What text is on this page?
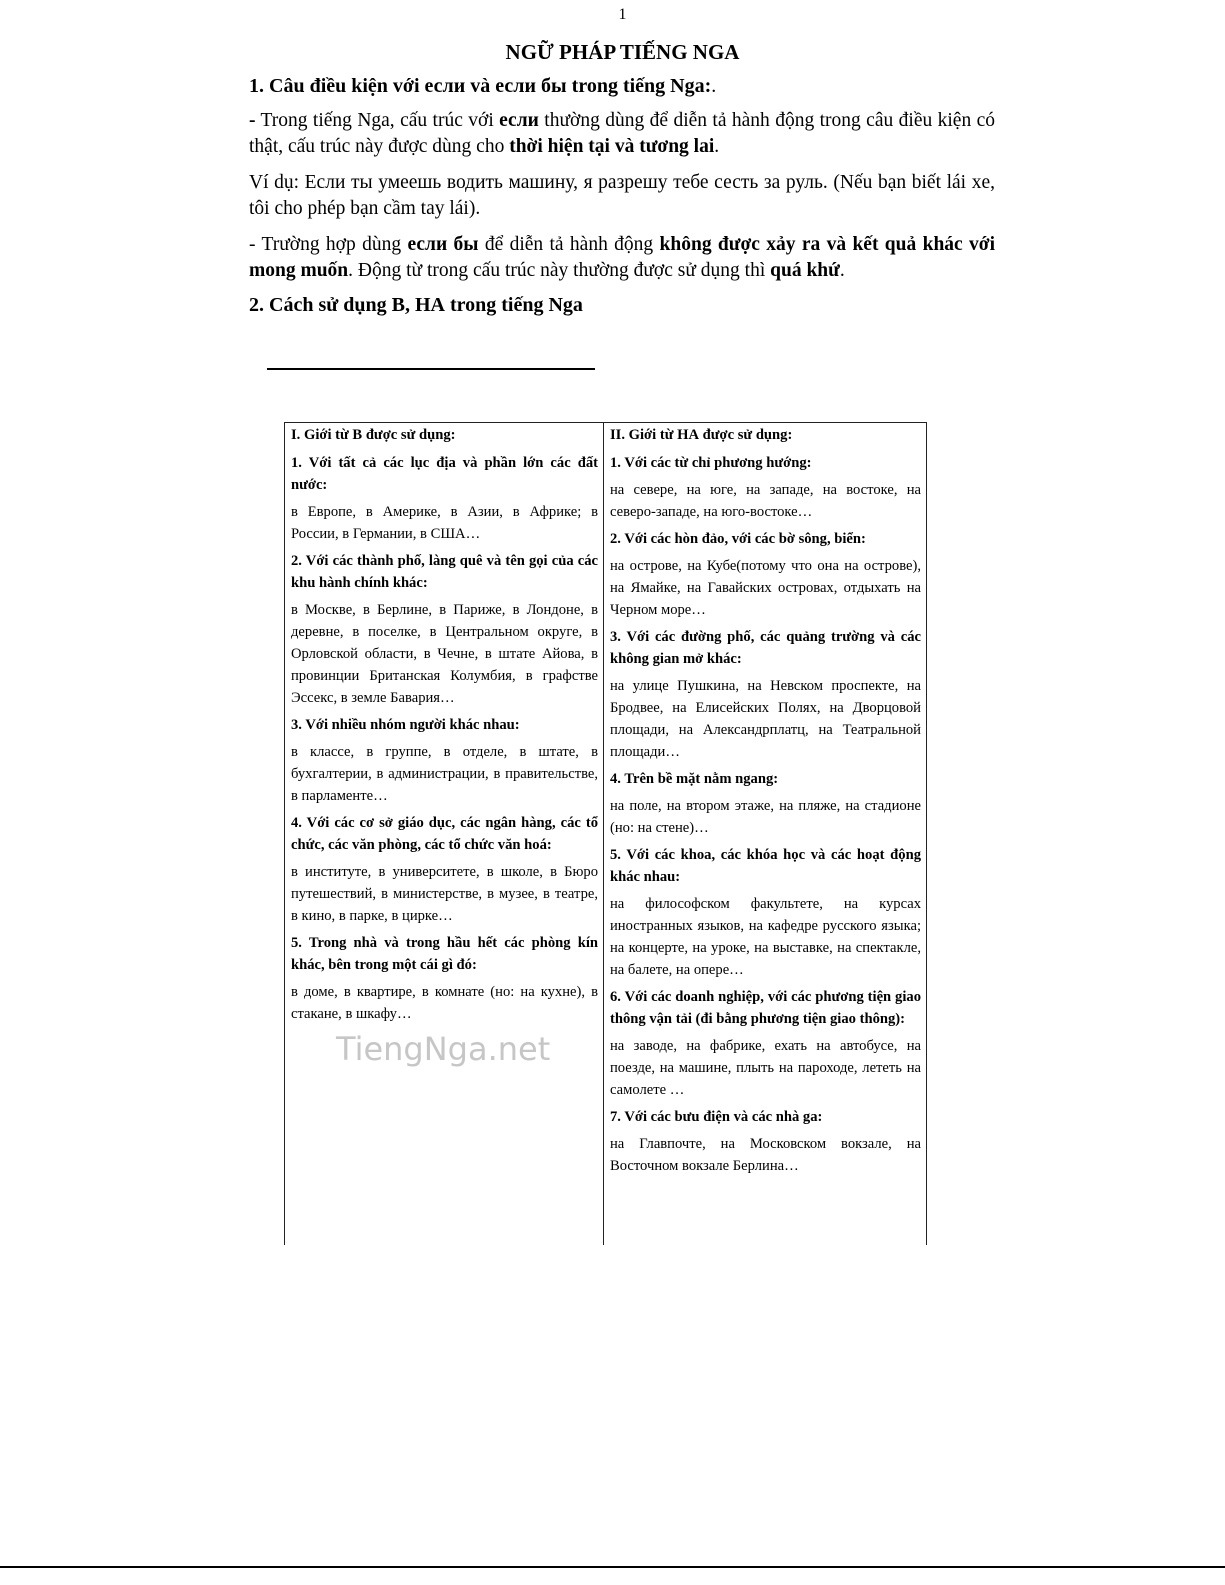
1
NGỮ PHÁP TIẾNG NGA
1. Câu điều kiện với если và если бы trong tiếng Nga:.
- Trong tiếng Nga, cấu trúc với если thường dùng để diễn tả hành động trong câu điều kiện có thật, cấu trúc này được dùng cho thời hiện tại và tương lai.
Ví dụ: Если ты умеешь водить машину, я разрешу тебе сесть за руль. (Nếu bạn biết lái xe, tôi cho phép bạn cầm tay lái).
- Trường hợp dùng если бы để diễn tả hành động không được xảy ra và kết quả khác với mong muốn. Động từ trong cấu trúc này thường được sử dụng thì quá khứ.
2. Cách sử dụng В, НА trong tiếng Nga
I. Giới từ В được sử dụng:
1. Với tất cả các lục địa và phần lớn các đất nước:
в Европе, в Америке, в Азии, в Африке; в России, в Германии, в США…
2. Với các thành phố, làng quê và tên gọi của các khu hành chính khác:
в Москве, в Берлине, в Париже, в Лондоне, в деревне, в поселке, в Центральном округе, в Орловской области, в Чечне, в штате Айова, в провинции Британская Колумбия, в графстве Эссекс, в земле Бавария…
3. Với nhiều nhóm người khác nhau:
в классе, в группе, в отделе, в штате, в бухгалтерии, в администрации, в правительстве, в парламенте…
4. Với các cơ sở giáo dục, các ngân hàng, các tổ chức, các văn phòng, các tổ chức văn hoá:
в институте, в университете, в школе, в Бюро путешествий, в министерстве, в музее, в театре, в кино, в парке, в цирке…
5. Trong nhà và trong hầu hết các phòng kín khác, bên trong một cái gì đó:
в доме, в квартире, в комнате (но: на кухне), в стакане, в шкафу…
II. Giới từ НА được sử dụng:
1. Với các từ chỉ phương hướng:
на севере, на юге, на западе, на востоке, на северо-западе, на юго-востоке…
2. Với các hòn đảo, với các bờ sông, biển:
на острове, на Кубе(потому что она на острове), на Ямайке, на Гавайских островах, отдыхать на Черном море…
3. Với các đường phố, các quảng trường và các không gian mở khác:
на улице Пушкина, на Невском проспекте, на Бродвее, на Елисейских Полях, на Дворцовой площади, на Александрплатц, на Театральной площади…
4. Trên bề mặt nằm ngang:
на поле, на втором этаже, на пляже, на стадионе (но: на стене)…
5. Với các khoa, các khóa học và các hoạt động khác nhau:
на философском факультете, на курсах иностранных языков, на кафедре русского языка; на концерте, на уроке, на выставке, на спектакле, на балете, на опере…
6. Với các doanh nghiệp, với các phương tiện giao thông vận tải (đi bằng phương tiện giao thông):
на заводе, на фабрике, ехать на автобусе, на поезде, на машине, плыть на пароходе, лететь на самолете …
7. Với các bưu điện và các nhà ga:
на Главпочте, на Московском вокзале, на Восточном вокзале Берлина…
TiengNga.net
